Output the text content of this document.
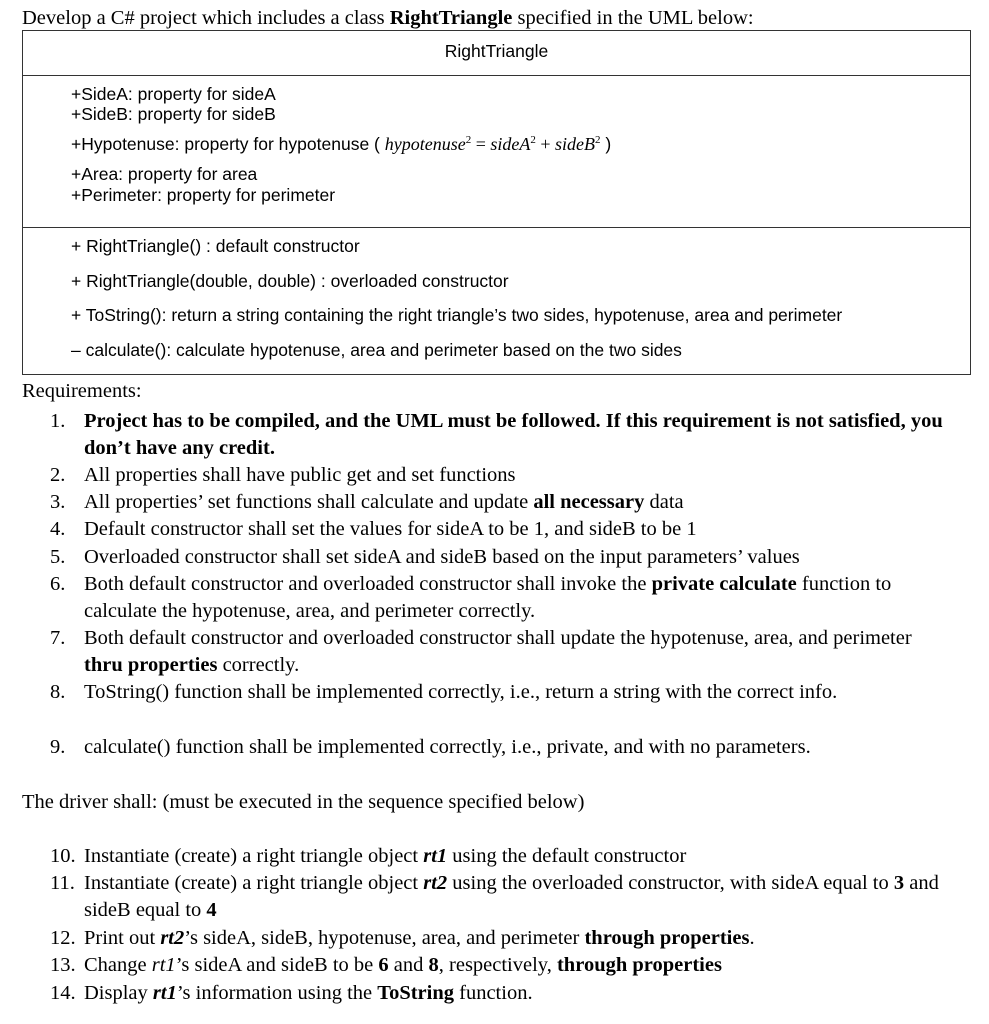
Develop a C# project which includes a class RightTriangle specified in the UML below:
RightTriangle
+SideA: property for sideA
+SideB: property for sideB
+Hypotenuse: property for hypotenuse ( hypotenuse$^2$ = sideA$^2$ + sideB$^2$ )
+Area: property for area
+Perimeter: property for perimeter
+ RightTriangle() : default constructor
+ RightTriangle(double, double) : overloaded constructor
+ ToString(): return a string containing the right triangle’s two sides, hypotenuse, area and perimeter
– calculate(): calculate hypotenuse, area and perimeter based on the two sides
Requirements:
1. Project has to be compiled, and the UML must be followed. If this requirement is not satisfied, you don’t have any credit.
2. All properties shall have public get and set functions
3. All properties’ set functions shall calculate and update all necessary data
4. Default constructor shall set the values for sideA to be 1, and sideB to be 1
5. Overloaded constructor shall set sideA and sideB based on the input parameters’ values
6. Both default constructor and overloaded constructor shall invoke the private calculate function to calculate the hypotenuse, area, and perimeter correctly.
7. Both default constructor and overloaded constructor shall update the hypotenuse, area, and perimeter thru properties correctly.
8. ToString() function shall be implemented correctly, i.e., return a string with the correct info.
9. calculate() function shall be implemented correctly, i.e., private, and with no parameters.
The driver shall: (must be executed in the sequence specified below)
10. Instantiate (create) a right triangle object rt1 using the default constructor
11. Instantiate (create) a right triangle object rt2 using the overloaded constructor, with sideA equal to 3 and sideB equal to 4
12. Print out rt2’s sideA, sideB, hypotenuse, area, and perimeter through properties.
13. Change rt1’s sideA and sideB to be 6 and 8, respectively, through properties
14. Display rt1’s information using the ToString function.
